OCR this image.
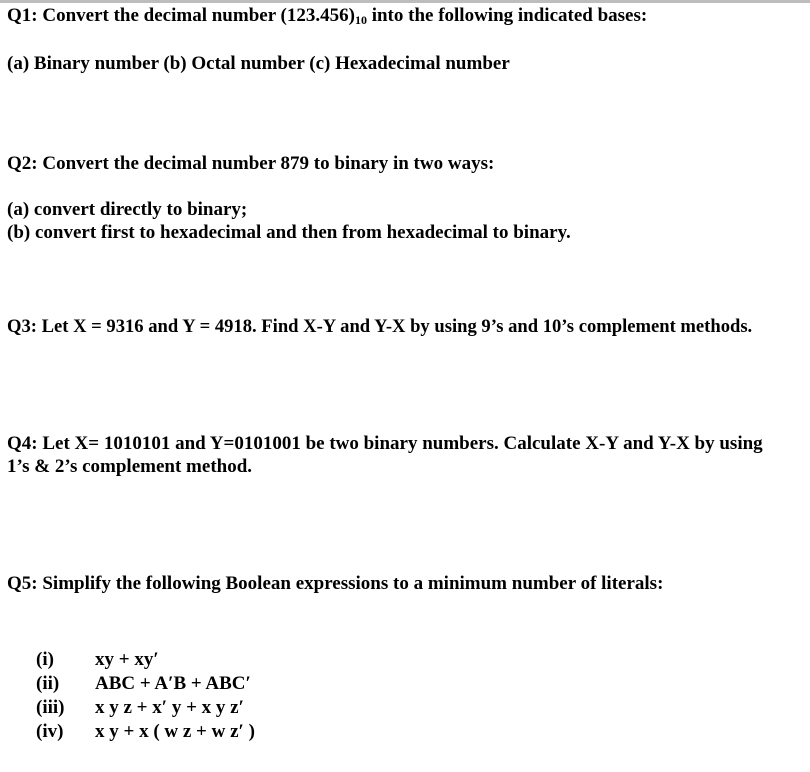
Q1: Convert the decimal number $(123.456)_{10}$ into the following indicated bases:
(a) Binary number (b) Octal number (c) Hexadecimal number
Q2: Convert the decimal number 879 to binary in two ways:
(a) convert directly to binary;
(b) convert first to hexadecimal and then from hexadecimal to binary.
Q3: Let X = 9316 and Y = 4918. Find X-Y and Y-X by using 9’s and 10’s complement methods.
Q4: Let X= 1010101 and Y=0101001 be two binary numbers. Calculate X-Y and Y-X by using
1’s & 2’s complement method.
Q5: Simplify the following Boolean expressions to a minimum number of literals:
(i)	xy + xy′
(ii)	ABC + A′B + ABC′
(iii)	x y z + x′ y + x y z′
(iv)	x y + x ( w z + w z′ )
